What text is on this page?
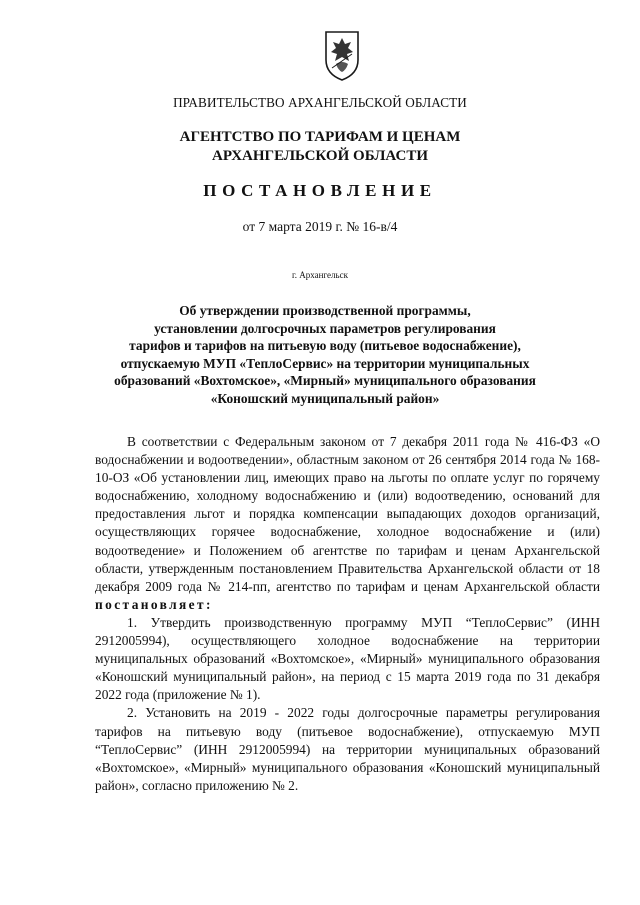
ПРАВИТЕЛЬСТВО АРХАНГЕЛЬСКОЙ ОБЛАСТИ
АГЕНТСТВО ПО ТАРИФАМ И ЦЕНАМ
АРХАНГЕЛЬСКОЙ ОБЛАСТИ
ПОСТАНОВЛЕНИЕ
от 7 марта 2019 г. № 16-в/4
г. Архангельск
Об утверждении производственной программы,
установлении долгосрочных параметров регулирования
тарифов и тарифов на питьевую воду (питьевое водоснабжение),
отпускаемую МУП «ТеплоСервис» на территории муниципальных
образований «Вохтомское», «Мирный» муниципального образования
«Коношский муниципальный район»

В соответствии с Федеральным законом от 7 декабря 2011 года № 416-ФЗ «О водоснабжении и водоотведении», областным законом от 26 сентября 2014 года № 168-10-ОЗ «Об установлении лиц, имеющих право на льготы по оплате услуг по горячему водоснабжению, холодному водоснабжению и (или) водоотведению, оснований для предоставления льгот и порядка компенсации выпадающих доходов организаций, осуществляющих горячее водоснабжение, холодное водоснабжение и (или) водоотведение» и Положением об агентстве по тарифам и ценам Архангельской области, утвержденным постановлением Правительства Архангельской области от 18 декабря 2009 года № 214-пп, агентство по тарифам и ценам Архангельской области постановляет:

1. Утвердить производственную программу МУП “ТеплоСервис” (ИНН 2912005994), осуществляющего холодное водоснабжение на территории муниципальных образований «Вохтомское», «Мирный» муниципального образования «Коношский муниципальный район», на период с 15 марта 2019 года по 31 декабря 2022 года (приложение № 1).

2. Установить на 2019 - 2022 годы долгосрочные параметры регулирования тарифов на питьевую воду (питьевое водоснабжение), отпускаемую МУП “ТеплоСервис” (ИНН 2912005994) на территории муниципальных образований «Вохтомское», «Мирный» муниципального образования «Коношский муниципальный район», согласно приложению № 2.
